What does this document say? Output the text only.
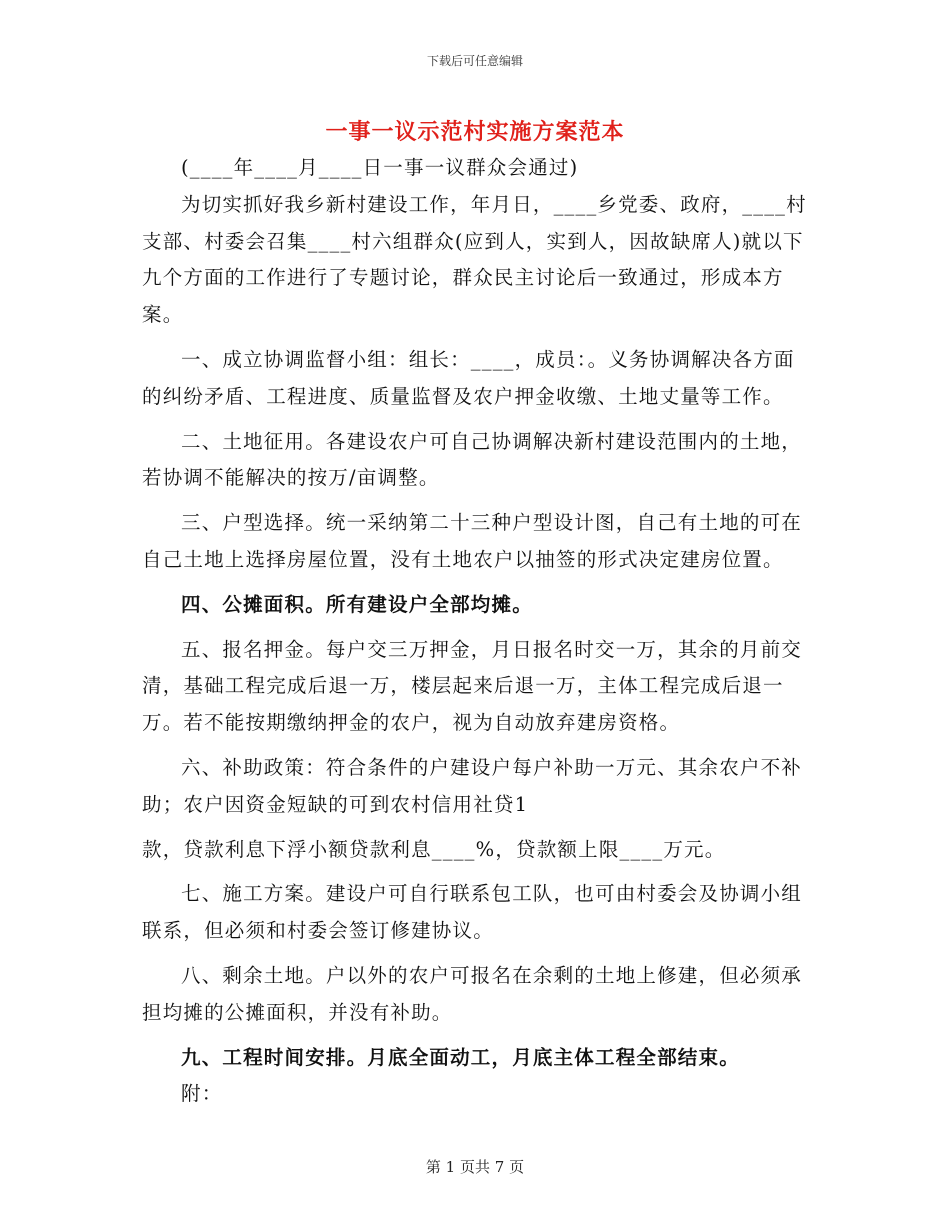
下载后可任意编辑
一事一议示范村实施方案范本

(____年____月____日一事一议群众会通过)

为切实抓好我乡新村建设工作，年月日，____乡党委、政府，____村支部、村委会召集____村六组群众(应到人，实到人，因故缺席人)就以下九个方面的工作进行了专题讨论，群众民主讨论后一致通过，形成本方案。

一、成立协调监督小组：组长：____，成员：。义务协调解决各方面的纠纷矛盾、工程进度、质量监督及农户押金收缴、土地丈量等工作。

二、土地征用。各建设农户可自己协调解决新村建设范围内的土地，若协调不能解决的按万/亩调整。

三、户型选择。统一采纳第二十三种户型设计图，自己有土地的可在自己土地上选择房屋位置，没有土地农户以抽签的形式决定建房位置。

四、公摊面积。所有建设户全部均摊。

五、报名押金。每户交三万押金，月日报名时交一万，其余的月前交清，基础工程完成后退一万，楼层起来后退一万，主体工程完成后退一万。若不能按期缴纳押金的农户，视为自动放弃建房资格。

六、补助政策：符合条件的户建设户每户补助一万元、其余农户不补助；农户因资金短缺的可到农村信用社贷1

款，贷款利息下浮小额贷款利息____%，贷款额上限____万元。

七、施工方案。建设户可自行联系包工队，也可由村委会及协调小组联系，但必须和村委会签订修建协议。

八、剩余土地。户以外的农户可报名在余剩的土地上修建，但必须承担均摊的公摊面积，并没有补助。

九、工程时间安排。月底全面动工，月底主体工程全部结束。

附：

第 1 页共 7 页
